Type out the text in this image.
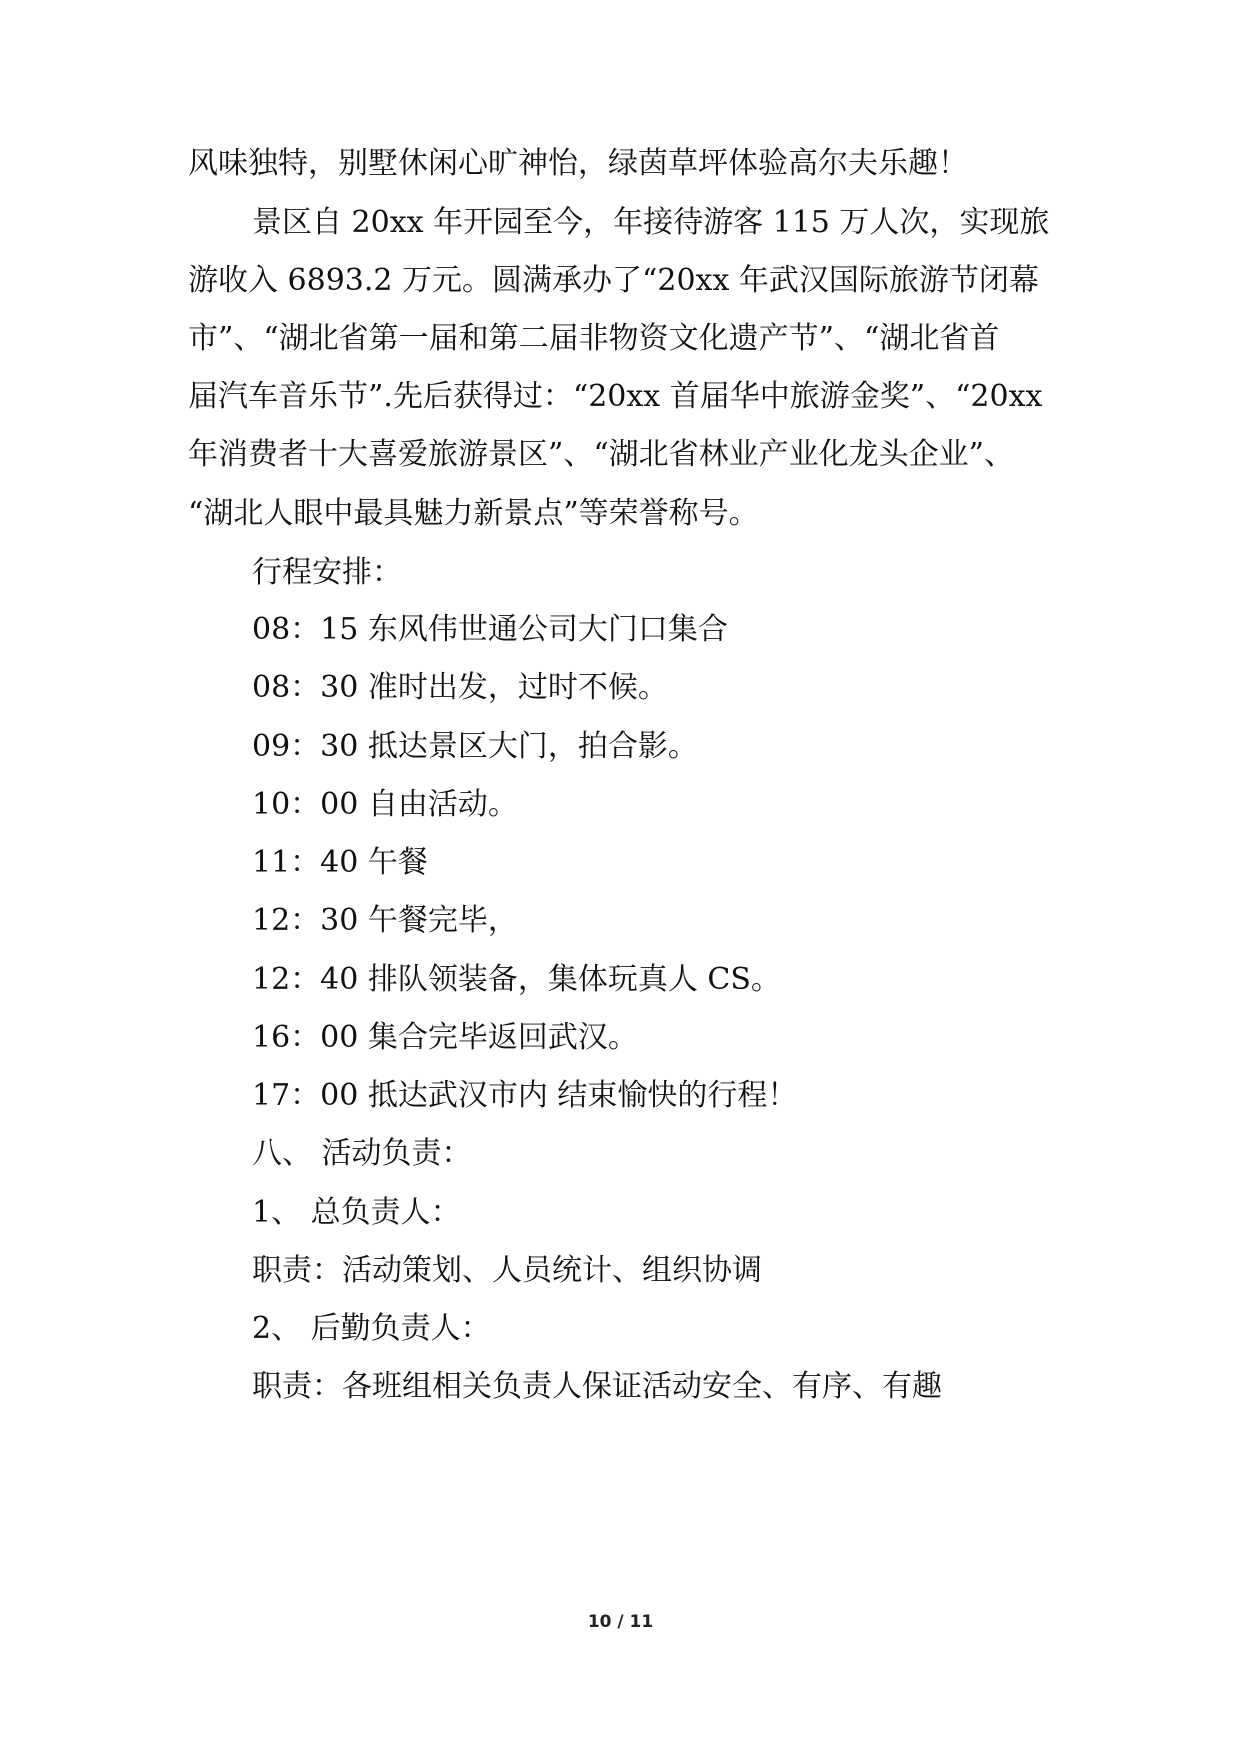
风味独特，别墅休闲心旷神怡，绿茵草坪体验高尔夫乐趣！

景区自 20xx 年开园至今，年接待游客 115 万人次，实现旅

游收入 6893.2 万元。圆满承办了“20xx 年武汉国际旅游节闭幕

市”、“湖北省第一届和第二届非物资文化遗产节”、“湖北省首

届汽车音乐节”.先后获得过：“20xx 首届华中旅游金奖”、“20xx

年消费者十大喜爱旅游景区”、“湖北省林业产业化龙头企业”、

“湖北人眼中最具魅力新景点”等荣誉称号。

行程安排：

08：15 东风伟世通公司大门口集合

08：30 准时出发，过时不候。

09：30 抵达景区大门，拍合影。

10：00 自由活动。

11：40 午餐

12：30 午餐完毕，

12：40 排队领装备，集体玩真人 CS。

16：00 集合完毕返回武汉。

17：00 抵达武汉市内 结束愉快的行程！

八、 活动负责：

1、 总负责人：

职责：活动策划、人员统计、组织协调

2、 后勤负责人：

职责：各班组相关负责人保证活动安全、有序、有趣

10 / 11
